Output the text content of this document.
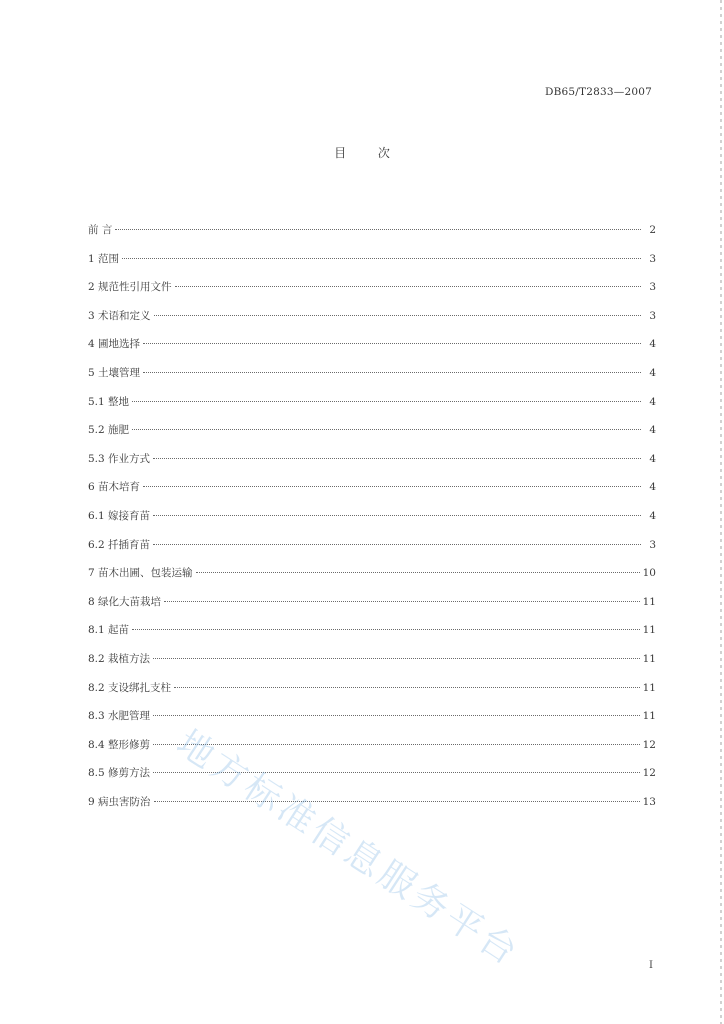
DB65/T2833—2007
目 次
前 言	2
1 范围	3
2 规范性引用文件	3
3 术语和定义	3
4 圃地选择	4
5 土壤管理	4
5.1 整地	4
5.2 施肥	4
5.3 作业方式	4
6 苗木培育	4
6.1 嫁接育苗	4
6.2 扦插育苗	3
7 苗木出圃、包装运输	10
8 绿化大苗栽培	11
8.1 起苗	11
8.2 栽植方法	11
8.2 支设绑扎支柱	11
8.3 水肥管理	11
8.4 整形修剪	12
8.5 修剪方法	12
9 病虫害防治	13
地方标准信息服务平台	I
